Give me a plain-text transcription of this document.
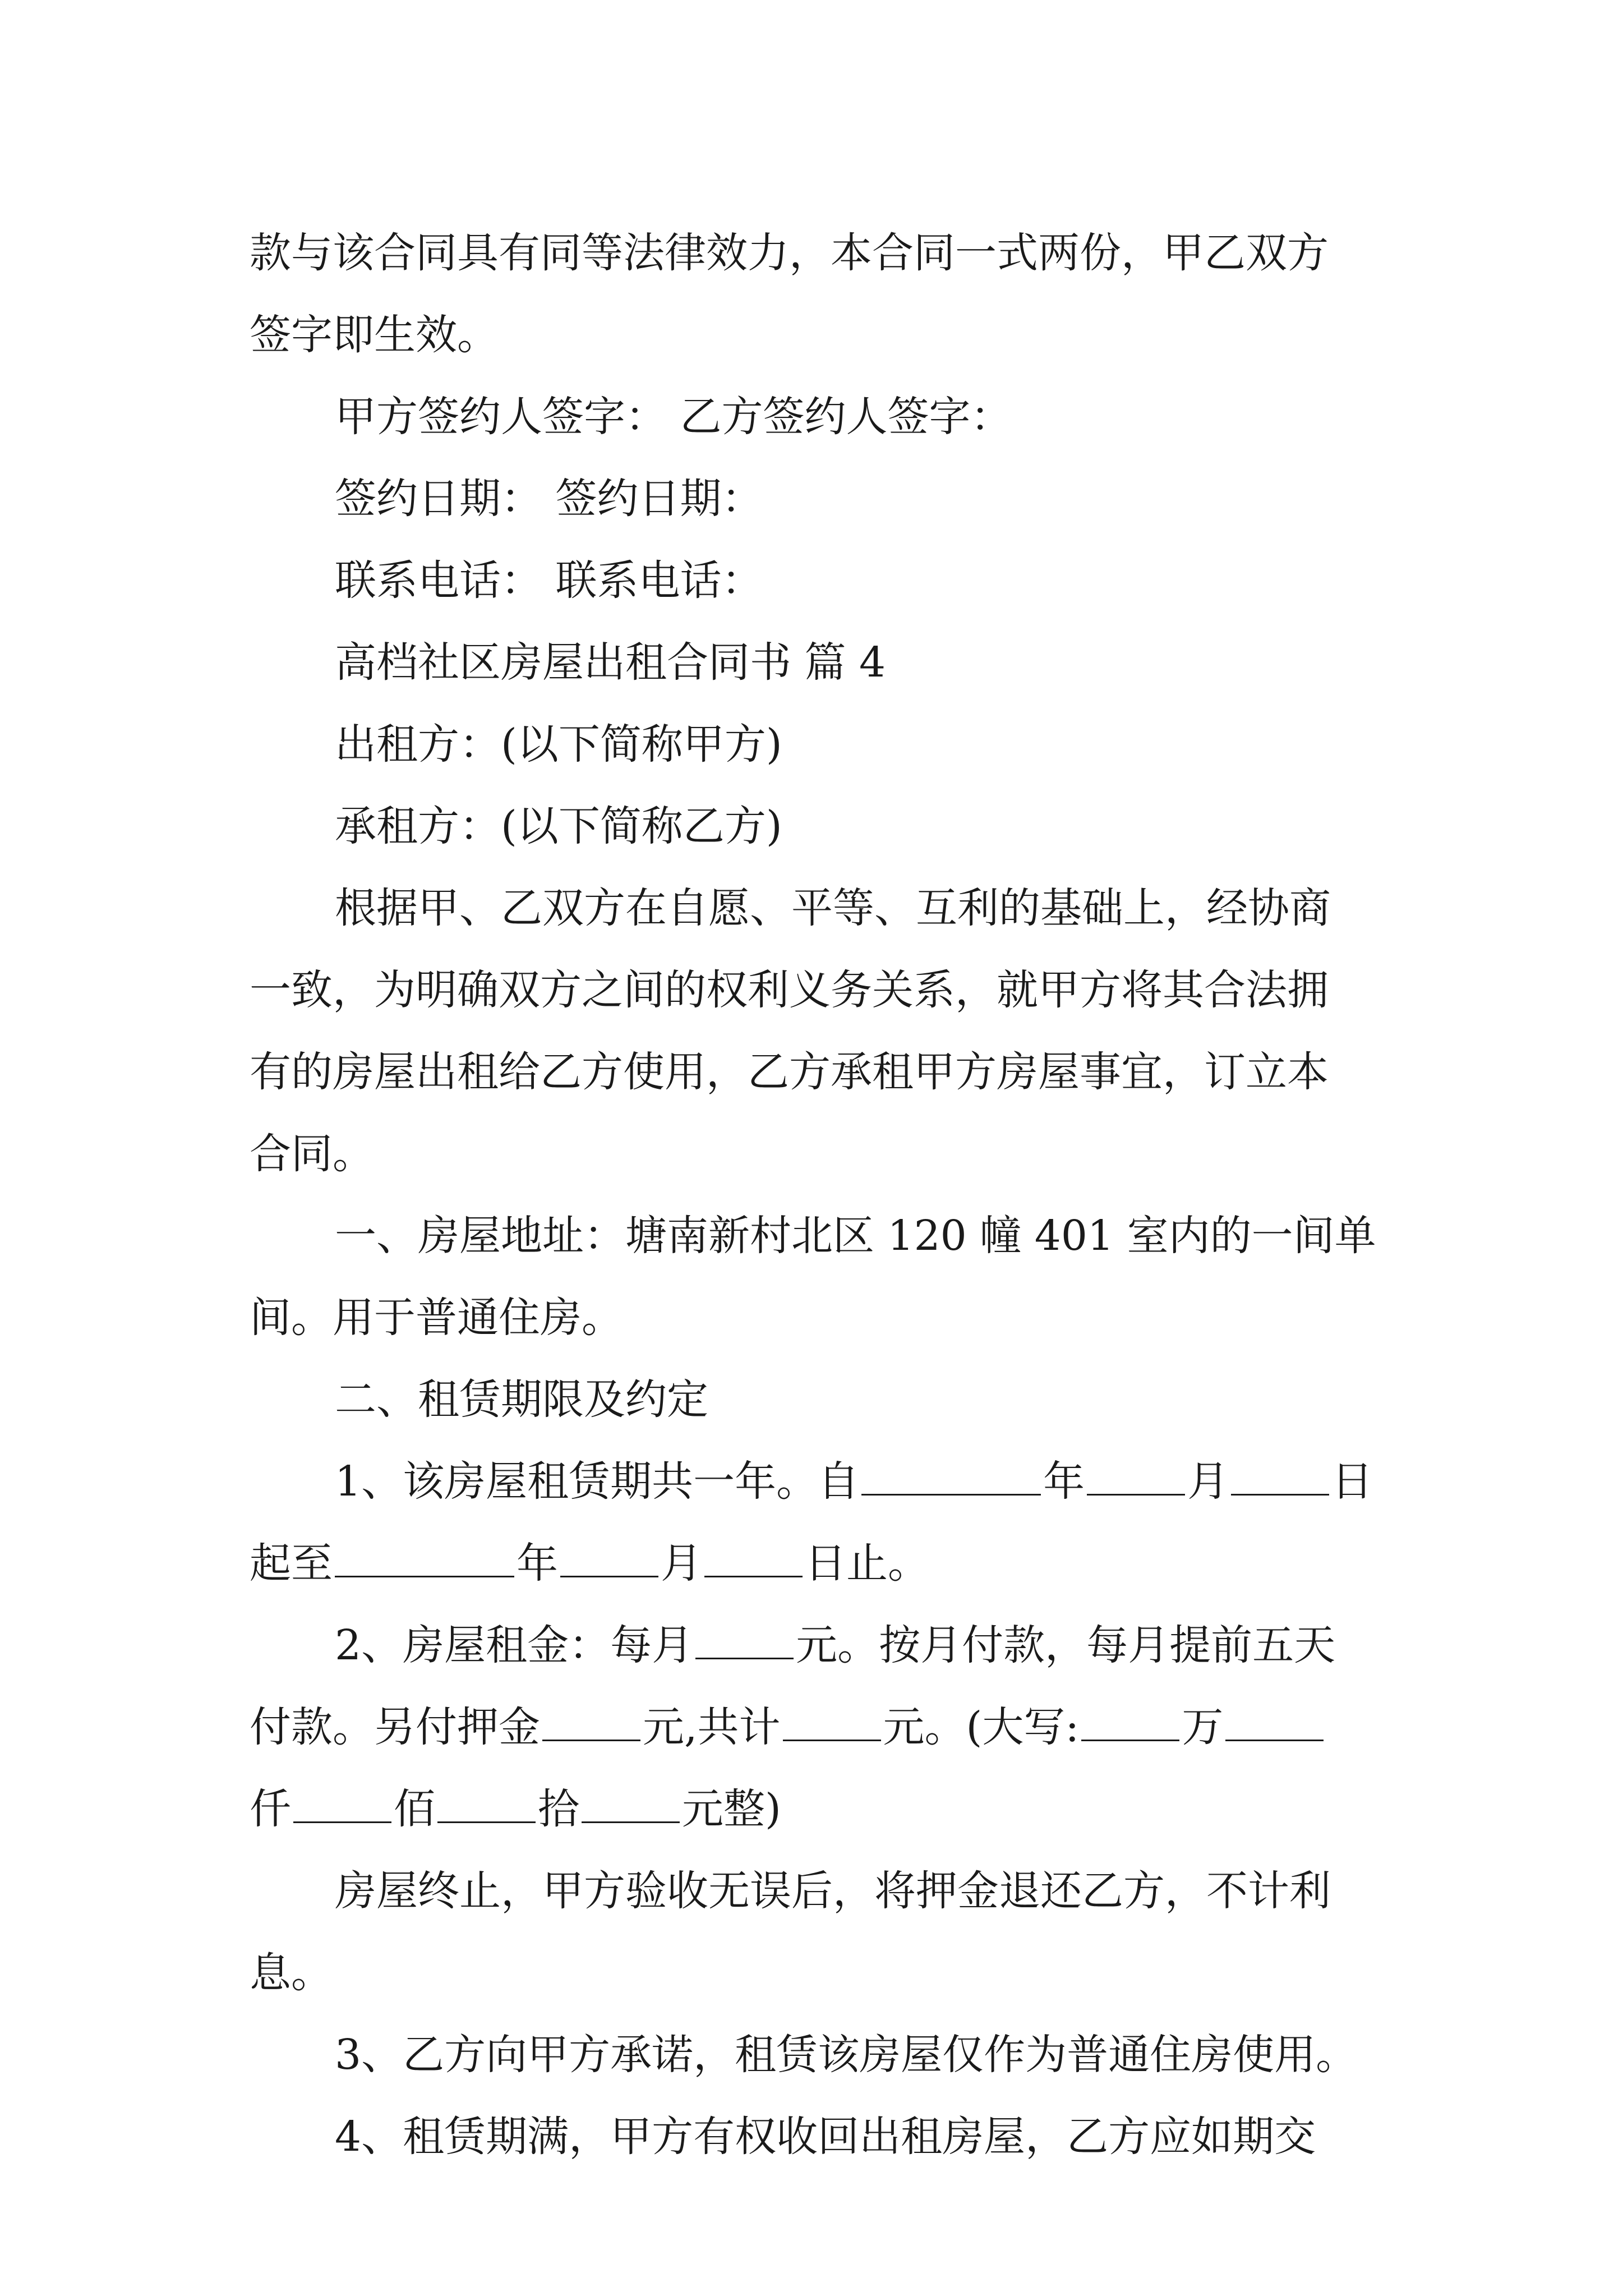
款与该合同具有同等法律效力，本合同一式两份，甲乙双方
签字即生效。
甲方签约人签字： 乙方签约人签字：
签约日期： 签约日期：
联系电话： 联系电话：
高档社区房屋出租合同书 篇 4
出租方：(以下简称甲方)
承租方：(以下简称乙方)
根据甲、乙双方在自愿、平等、互利的基础上，经协商
一致，为明确双方之间的权利义务关系，就甲方将其合法拥
有的房屋出租给乙方使用，乙方承租甲方房屋事宜，订立本
合同。
一、房屋地址：塘南新村北区 120 幢 401 室内的一间单
间。用于普通住房。
二、租赁期限及约定
1、该房屋租赁期共一年。自	年 月 日
起至	年 月 日止。
2、房屋租金：每月 元。按月付款，每月提前五天
付款。另付押金 元,共计 元。(大写: 万
仟 佰 拾 元整)
房屋终止，甲方验收无误后，将押金退还乙方，不计利
息。
3、乙方向甲方承诺，租赁该房屋仅作为普通住房使用。
4、租赁期满，甲方有权收回出租房屋，乙方应如期交
